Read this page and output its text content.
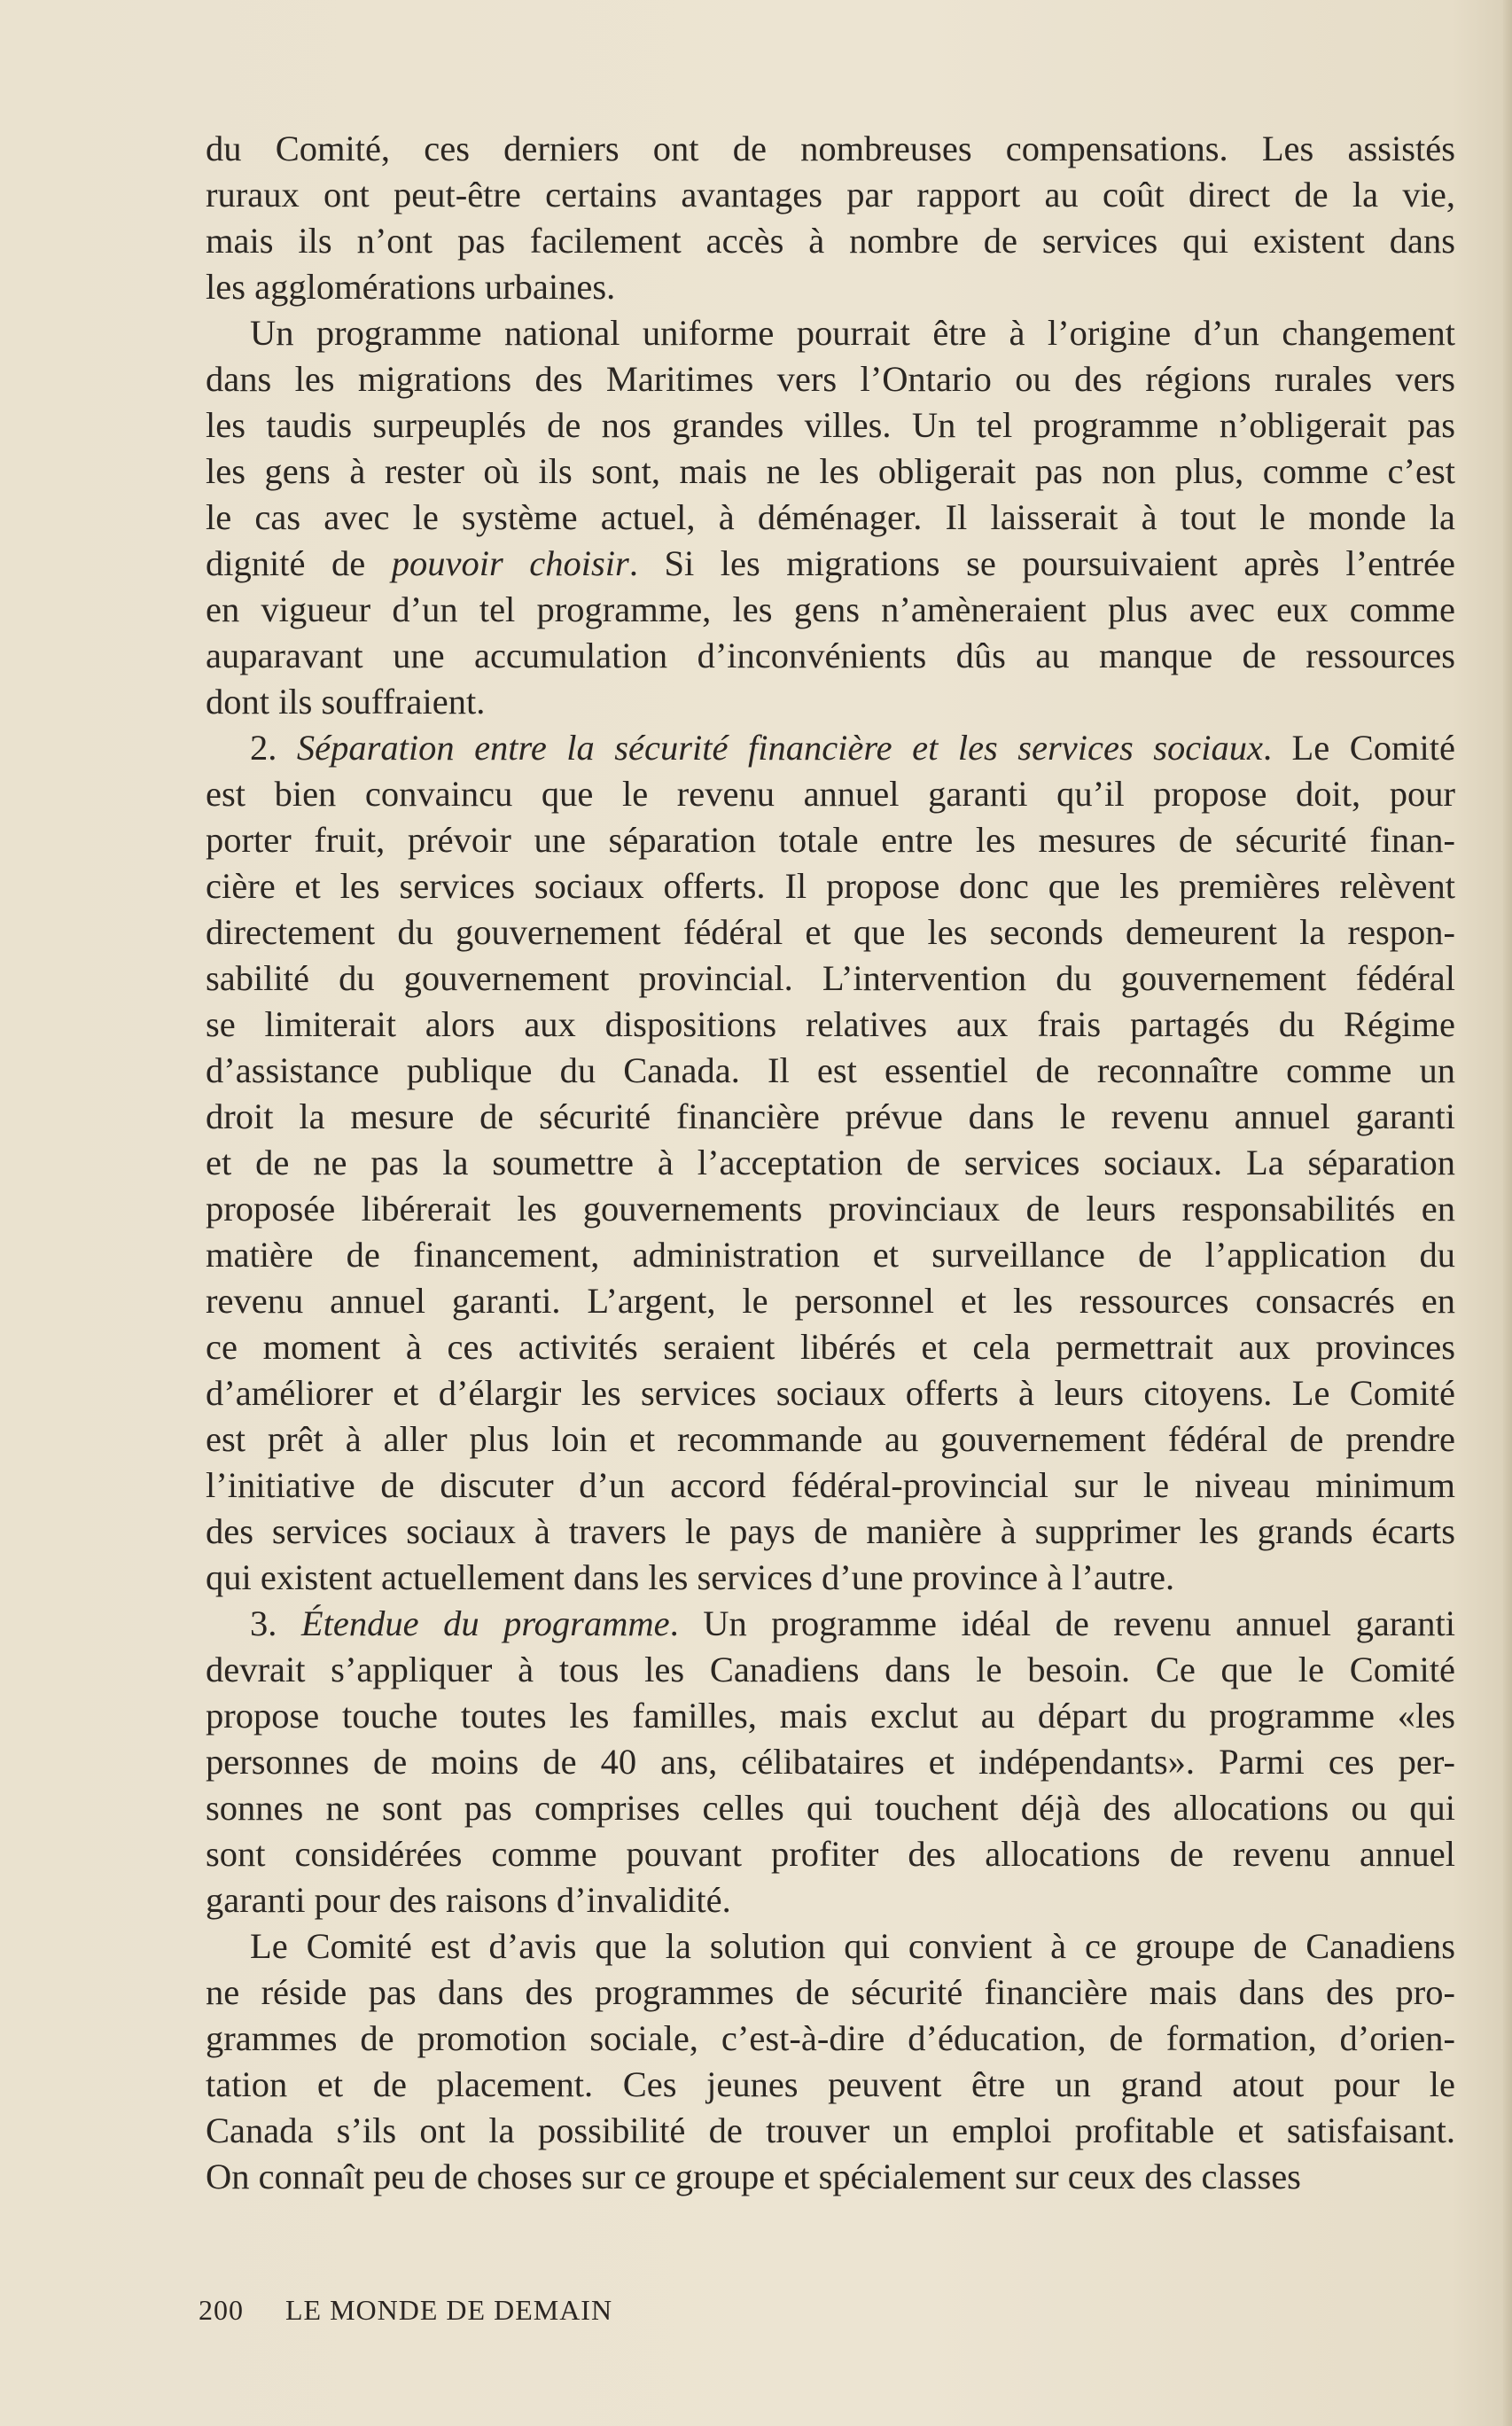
du Comité, ces derniers ont de nombreuses compensations. Les assistés
ruraux ont peut-être certains avantages par rapport au coût direct de la vie,
mais ils n’ont pas facilement accès à nombre de services qui existent dans
les agglomérations urbaines.
Un programme national uniforme pourrait être à l’origine d’un changement
dans les migrations des Maritimes vers l’Ontario ou des régions rurales vers
les taudis surpeuplés de nos grandes villes. Un tel programme n’obligerait pas
les gens à rester où ils sont, mais ne les obligerait pas non plus, comme c’est
le cas avec le système actuel, à déménager. Il laisserait à tout le monde la
dignité de pouvoir choisir. Si les migrations se poursuivaient après l’entrée
en vigueur d’un tel programme, les gens n’amèneraient plus avec eux comme
auparavant une accumulation d’inconvénients dûs au manque de ressources
dont ils souffraient.
2. Séparation entre la sécurité financière et les services sociaux. Le Comité
est bien convaincu que le revenu annuel garanti qu’il propose doit, pour
porter fruit, prévoir une séparation totale entre les mesures de sécurité finan-
cière et les services sociaux offerts. Il propose donc que les premières relèvent
directement du gouvernement fédéral et que les seconds demeurent la respon-
sabilité du gouvernement provincial. L’intervention du gouvernement fédéral
se limiterait alors aux dispositions relatives aux frais partagés du Régime
d’assistance publique du Canada. Il est essentiel de reconnaître comme un
droit la mesure de sécurité financière prévue dans le revenu annuel garanti
et de ne pas la soumettre à l’acceptation de services sociaux. La séparation
proposée libérerait les gouvernements provinciaux de leurs responsabilités en
matière de financement, administration et surveillance de l’application du
revenu annuel garanti. L’argent, le personnel et les ressources consacrés en
ce moment à ces activités seraient libérés et cela permettrait aux provinces
d’améliorer et d’élargir les services sociaux offerts à leurs citoyens. Le Comité
est prêt à aller plus loin et recommande au gouvernement fédéral de prendre
l’initiative de discuter d’un accord fédéral-provincial sur le niveau minimum
des services sociaux à travers le pays de manière à supprimer les grands écarts
qui existent actuellement dans les services d’une province à l’autre.
3. Étendue du programme. Un programme idéal de revenu annuel garanti
devrait s’appliquer à tous les Canadiens dans le besoin. Ce que le Comité
propose touche toutes les familles, mais exclut au départ du programme «les
personnes de moins de 40 ans, célibataires et indépendants». Parmi ces per-
sonnes ne sont pas comprises celles qui touchent déjà des allocations ou qui
sont considérées comme pouvant profiter des allocations de revenu annuel
garanti pour des raisons d’invalidité.
Le Comité est d’avis que la solution qui convient à ce groupe de Canadiens
ne réside pas dans des programmes de sécurité financière mais dans des pro-
grammes de promotion sociale, c’est-à-dire d’éducation, de formation, d’orien-
tation et de placement. Ces jeunes peuvent être un grand atout pour le
Canada s’ils ont la possibilité de trouver un emploi profitable et satisfaisant.
On connaît peu de choses sur ce groupe et spécialement sur ceux des classes
200 LE MONDE DE DEMAIN
